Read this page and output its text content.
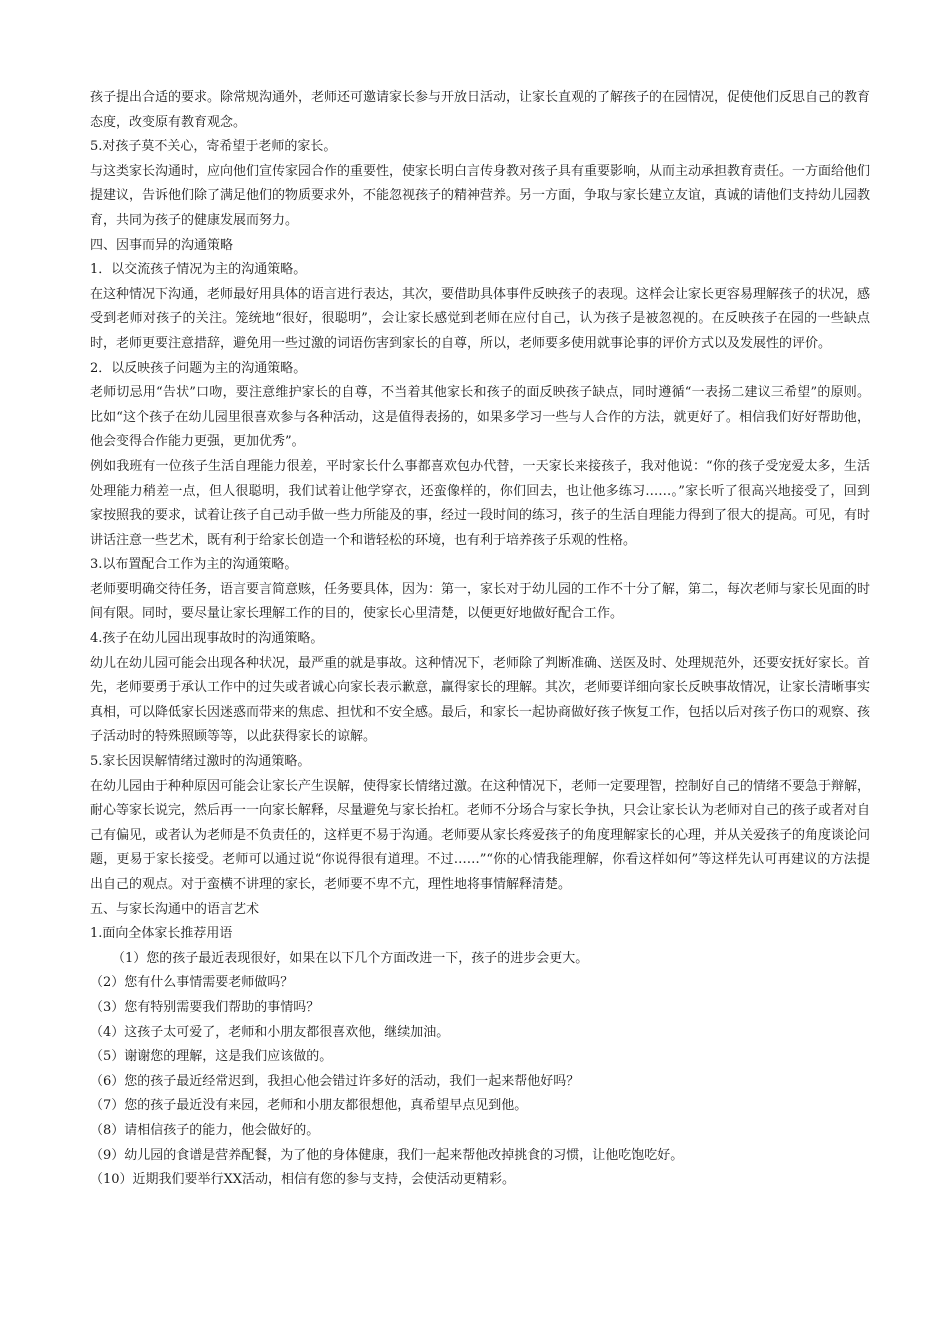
孩子提出合适的要求。除常规沟通外，老师还可邀请家长参与开放日活动，让家长直观的了解孩子的在园情况，促使他们反思自己的教育态度，改变原有教育观念。

5.对孩子莫不关心，寄希望于老师的家长。

与这类家长沟通时，应向他们宣传家园合作的重要性，使家长明白言传身教对孩子具有重要影响，从而主动承担教育责任。一方面给他们提建议，告诉他们除了满足他们的物质要求外，不能忽视孩子的精神营养。另一方面，争取与家长建立友谊，真诚的请他们支持幼儿园教育，共同为孩子的健康发展而努力。

四、因事而异的沟通策略

1．以交流孩子情况为主的沟通策略。

在这种情况下沟通，老师最好用具体的语言进行表达，其次，要借助具体事件反映孩子的表现。这样会让家长更容易理解孩子的状况，感受到老师对孩子的关注。笼统地“很好，很聪明”，会让家长感觉到老师在应付自己，认为孩子是被忽视的。在反映孩子在园的一些缺点时，老师更要注意措辞，避免用一些过激的词语伤害到家长的自尊，所以，老师要多使用就事论事的评价方式以及发展性的评价。

2．以反映孩子问题为主的沟通策略。

老师切忌用“告状”口吻，要注意维护家长的自尊，不当着其他家长和孩子的面反映孩子缺点，同时遵循“一表扬二建议三希望”的原则。比如“这个孩子在幼儿园里很喜欢参与各种活动，这是值得表扬的，如果多学习一些与人合作的方法，就更好了。相信我们好好帮助他，他会变得合作能力更强，更加优秀”。

例如我班有一位孩子生活自理能力很差，平时家长什么事都喜欢包办代替，一天家长来接孩子，我对他说：“你的孩子受宠爱太多，生活处理能力稍差一点，但人很聪明，我们试着让他学穿衣，还蛮像样的，你们回去，也让他多练习……。”家长听了很高兴地接受了，回到家按照我的要求，试着让孩子自己动手做一些力所能及的事，经过一段时间的练习，孩子的生活自理能力得到了很大的提高。可见，有时讲话注意一些艺术，既有利于给家长创造一个和谐轻松的环境，也有利于培养孩子乐观的性格。

3.以布置配合工作为主的沟通策略。

老师要明确交待任务，语言要言简意赅，任务要具体，因为：第一，家长对于幼儿园的工作不十分了解，第二，每次老师与家长见面的时间有限。同时，要尽量让家长理解工作的目的，使家长心里清楚，以便更好地做好配合工作。

4.孩子在幼儿园出现事故时的沟通策略。

幼儿在幼儿园可能会出现各种状况，最严重的就是事故。这种情况下，老师除了判断准确、送医及时、处理规范外，还要安抚好家长。首先，老师要勇于承认工作中的过失或者诚心向家长表示歉意，赢得家长的理解。其次，老师要详细向家长反映事故情况，让家长清晰事实真相，可以降低家长因迷惑而带来的焦虑、担忧和不安全感。最后，和家长一起协商做好孩子恢复工作，包括以后对孩子伤口的观察、孩子活动时的特殊照顾等等，以此获得家长的谅解。

5.家长因误解情绪过激时的沟通策略。

在幼儿园由于种种原因可能会让家长产生误解，使得家长情绪过激。在这种情况下，老师一定要理智，控制好自己的情绪不要急于辩解，耐心等家长说完，然后再一一向家长解释，尽量避免与家长抬杠。老师不分场合与家长争执，只会让家长认为老师对自己的孩子或者对自己有偏见，或者认为老师是不负责任的，这样更不易于沟通。老师要从家长疼爱孩子的角度理解家长的心理，并从关爱孩子的角度谈论问题，更易于家长接受。老师可以通过说“你说得很有道理。不过……”“你的心情我能理解，你看这样如何”等这样先认可再建议的方法提出自己的观点。对于蛮横不讲理的家长，老师要不卑不亢，理性地将事情解释清楚。

五、与家长沟通中的语言艺术

1.面向全体家长推荐用语

（1）您的孩子最近表现很好，如果在以下几个方面改进一下，孩子的进步会更大。

（2）您有什么事情需要老师做吗？

（3）您有特别需要我们帮助的事情吗？

（4）这孩子太可爱了，老师和小朋友都很喜欢他，继续加油。

（5）谢谢您的理解，这是我们应该做的。

（6）您的孩子最近经常迟到，我担心他会错过许多好的活动，我们一起来帮他好吗？

（7）您的孩子最近没有来园，老师和小朋友都很想他，真希望早点见到他。

（8）请相信孩子的能力，他会做好的。

（9）幼儿园的食谱是营养配餐，为了他的身体健康，我们一起来帮他改掉挑食的习惯，让他吃饱吃好。

（10）近期我们要举行XX活动，相信有您的参与支持，会使活动更精彩。
